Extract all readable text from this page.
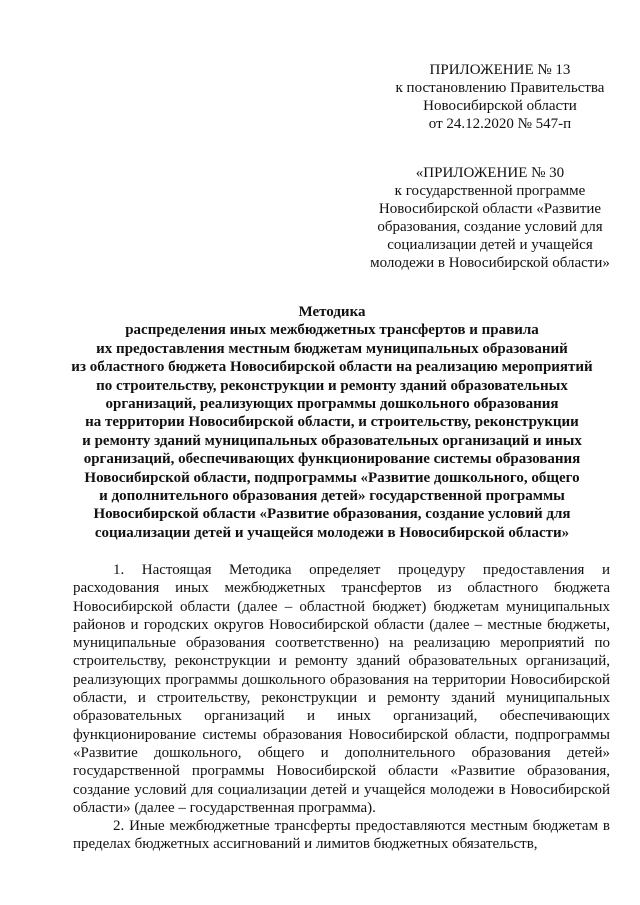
ПРИЛОЖЕНИЕ № 13
к постановлению Правительства
Новосибирской области
от 24.12.2020 № 547-п
«ПРИЛОЖЕНИЕ № 30
к государственной программе
Новосибирской области «Развитие
образования, создание условий для
социализации детей и учащейся
молодежи в Новосибирской области»
Методика
распределения иных межбюджетных трансфертов и правила
их предоставления местным бюджетам муниципальных образований
из областного бюджета Новосибирской области на реализацию мероприятий
по строительству, реконструкции и ремонту зданий образовательных
организаций, реализующих программы дошкольного образования
на территории Новосибирской области, и строительству, реконструкции
и ремонту зданий муниципальных образовательных организаций и иных
организаций, обеспечивающих функционирование системы образования
Новосибирской области, подпрограммы «Развитие дошкольного, общего
и дополнительного образования детей» государственной программы
Новосибирской области «Развитие образования, создание условий для
социализации детей и учащейся молодежи в Новосибирской области»

1. Настоящая Методика определяет процедуру предоставления и расходования иных межбюджетных трансфертов из областного бюджета Новосибирской области (далее – областной бюджет) бюджетам муниципальных районов и городских округов Новосибирской области (далее – местные бюджеты, муниципальные образования соответственно) на реализацию мероприятий по строительству, реконструкции и ремонту зданий образовательных организаций, реализующих программы дошкольного образования на территории Новосибирской области, и строительству, реконструкции и ремонту зданий муниципальных образовательных организаций и иных организаций, обеспечивающих функционирование системы образования Новосибирской области, подпрограммы «Развитие дошкольного, общего и дополнительного образования детей» государственной программы Новосибирской области «Развитие образования, создание условий для социализации детей и учащейся молодежи в Новосибирской области» (далее – государственная программа).

2. Иные межбюджетные трансферты предоставляются местным бюджетам в пределах бюджетных ассигнований и лимитов бюджетных обязательств,
